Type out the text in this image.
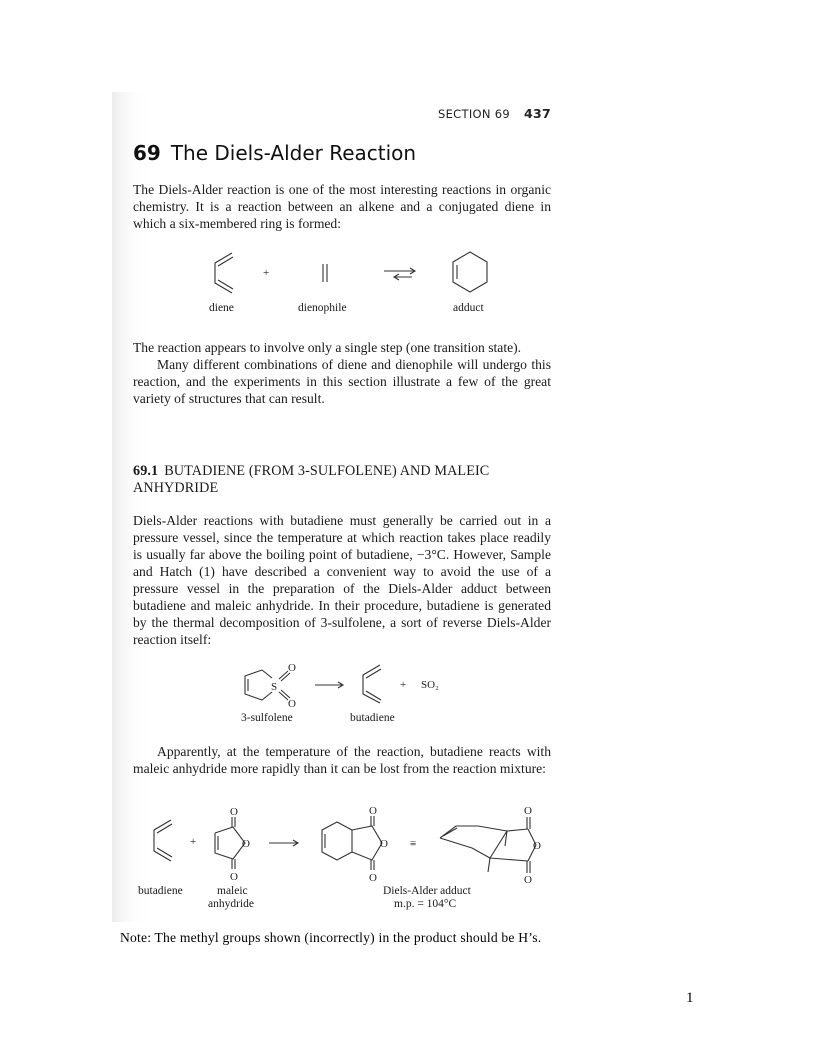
SECTION 69 437
69 The Diels-Alder Reaction

The Diels-Alder reaction is one of the most interesting reactions in organic chemistry. It is a reaction between an alkene and a conjugated diene in which a six-membered ring is formed:

+
diene	dienophile	adduct

The reaction appears to involve only a single step (one transition state).

Many different combinations of diene and dienophile will undergo this reaction, and the experiments in this section illustrate a few of the great variety of structures that can result.

69.1 BUTADIENE (FROM 3-SULFOLENE) AND MALEIC ANHYDRIDE

Diels-Alder reactions with butadiene must generally be carried out in a pressure vessel, since the temperature at which reaction takes place readily is usually far above the boiling point of butadiene, −3°C. However, Sample and Hatch (1) have described a convenient way to avoid the use of a pressure vessel in the preparation of the Diels-Alder adduct between butadiene and maleic anhydride. In their procedure, butadiene is generated by the thermal decomposition of 3-sulfolene, a sort of reverse Diels-Alder reaction itself:

S
O
O
+ SO₂
3-sulfolene	butadiene

Apparently, at the temperature of the reaction, butadiene reacts with maleic anhydride more rapidly than it can be lost from the reaction mixture:

+
O
O
O
O
O
O
≡
O
O
O
butadiene	maleic
anhydride
Diels-Alder adduct
m.p. = 104°C
Note: The methyl groups shown (incorrectly) in the product should be H’s.
1
